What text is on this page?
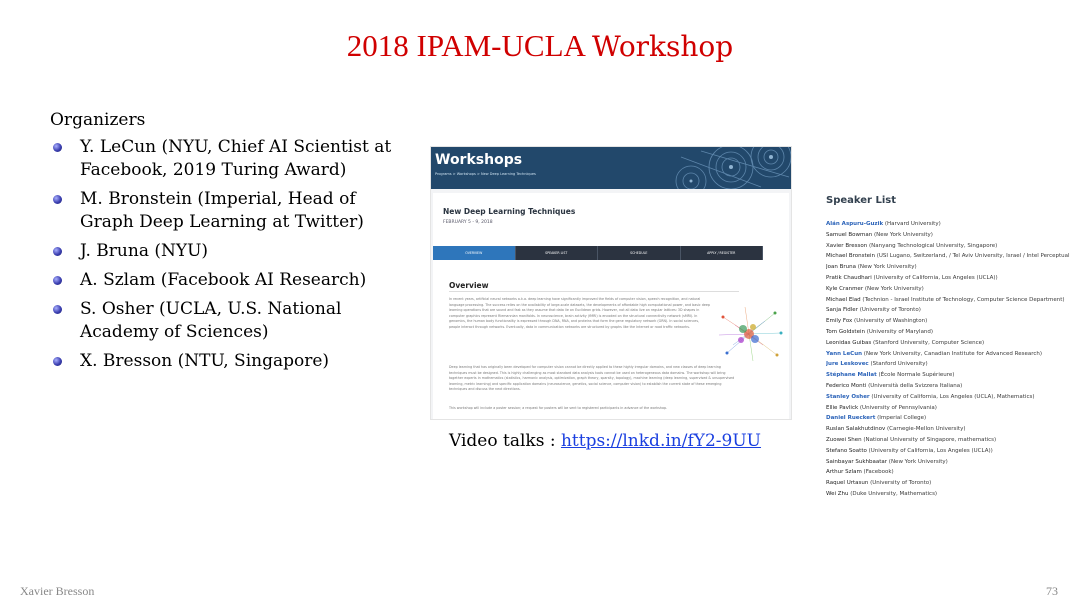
2018 IPAM-UCLA Workshop
Organizers
Y. LeCun (NYU, Chief AI Scientist at Facebook, 2019 Turing Award)
M. Bronstein (Imperial, Head of Graph Deep Learning at Twitter)
J. Bruna (NYU)
A. Szlam (Facebook AI Research)
S. Osher (UCLA, U.S. National Academy of Sciences)
X. Bresson (NTU, Singapore)
Workshops
Programs > Workshops > New Deep Learning Techniques
New Deep Learning Techniques
FEBRUARY 5 - 9, 2018
OVERVIEW	SPEAKER LIST	SCHEDULE	APPLY / REGISTER
Overview
In recent years, artificial neural networks a.k.a. deep learning have significantly improved the fields of computer vision, speech recognition, and natural language processing. The success relies on the availability of large-scale datasets, the developments of affordable high computational power, and basic deep learning operations that are sound and fast as they assume that data lie on Euclidean grids. However, not all data live on regular lattices: 3D shapes in computer graphics represent Riemannian manifolds. In neuroscience, brain activity (fMRI) is encoded on the structural connectivity network (sMRI). In genomics, the human body functionality is expressed through DNA, RNA, and proteins that form the gene regulatory network (GRN). In social sciences, people interact through networks. Eventually, data in communication networks are structured by graphs like the Internet or road traffic networks.
Deep learning that has originally been developed for computer vision cannot be directly applied to these highly irregular domains, and new classes of deep learning techniques must be designed. This is highly challenging as most standard data analysis tools cannot be used on heterogeneous data domains. The workshop will bring together experts in mathematics (statistics, harmonic analysis, optimization, graph theory, sparsity, topology), machine learning (deep learning, supervised & unsupervised learning, metric learning) and specific application domains (neuroscience, genetics, social science, computer vision) to establish the current state of these emerging techniques and discuss the next directions.
This workshop will include a poster session; a request for posters will be sent to registered participants in advance of the workshop.
Video talks : https://lnkd.in/fY2-9UU
Speaker List
Alán Aspuru-Guzik (Harvard University)
Samuel Bowman (New York University)
Xavier Bresson (Nanyang Technological University, Singapore)
Michael Bronstein (USI Lugano, Switzerland, / Tel Aviv University, Israel / Intel Perceptual
Joan Bruna (New York University)
Pratik Chaudhari (University of California, Los Angeles (UCLA))
Kyle Cranmer (New York University)
Michael Elad (Technion - Israel Institute of Technology, Computer Science Department)
Sanja Fidler (University of Toronto)
Emily Fox (University of Washington)
Tom Goldstein (University of Maryland)
Leonidas Guibas (Stanford University, Computer Science)
Yann LeCun (New York University, Canadian Institute for Advanced Research)
Jure Leskovec (Stanford University)
Stéphane Mallat (École Normale Supérieure)
Federico Monti (Università della Svizzera Italiana)
Stanley Osher (University of California, Los Angeles (UCLA), Mathematics)
Ellie Pavlick (University of Pennsylvania)
Daniel Rueckert (Imperial College)
Ruslan Salakhutdinov (Carnegie-Mellon University)
Zuowei Shen (National University of Singapore, mathematics)
Stefano Soatto (University of California, Los Angeles (UCLA))
Sainbayar Sukhbaatar (New York University)
Arthur Szlam (Facebook)
Raquel Urtasun (University of Toronto)
Wei Zhu (Duke University, Mathematics)
Xavier Bresson	73
